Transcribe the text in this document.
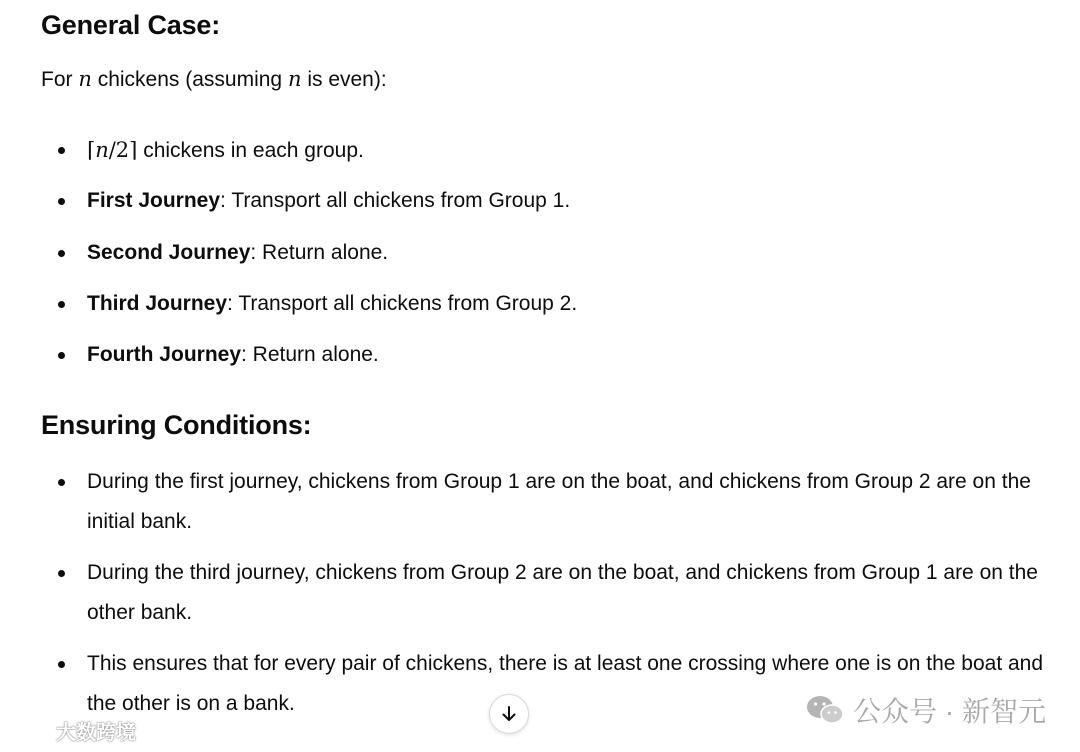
General Case:
For n chickens (assuming n is even):
⌈n/2⌉ chickens in each group.
First Journey: Transport all chickens from Group 1.
Second Journey: Return alone.
Third Journey: Transport all chickens from Group 2.
Fourth Journey: Return alone.
Ensuring Conditions:
During the first journey, chickens from Group 1 are on the boat, and chickens from Group 2 are on the initial bank.
During the third journey, chickens from Group 2 are on the boat, and chickens from Group 1 are on the other bank.
This ensures that for every pair of chickens, there is at least one crossing where one is on the boat and the other is on a bank.	公众号 · 新智元
大数跨境
